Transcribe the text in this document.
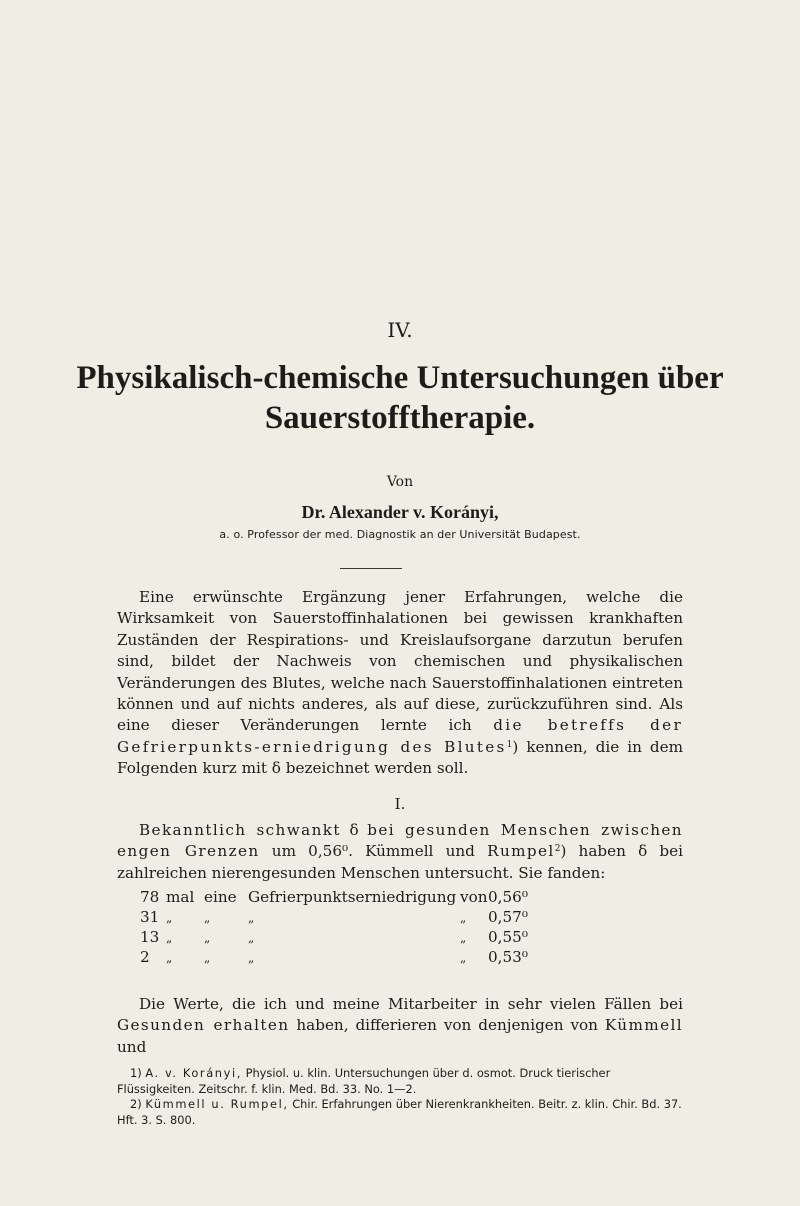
IV.
Physikalisch-chemische Untersuchungen über
Sauerstofftherapie.
Von
Dr. Alexander v. Korányi,
a. o. Professor der med. Diagnostik an der Universität Budapest.
Eine erwünschte Ergänzung jener Erfahrungen, welche die Wirksamkeit von Sauerstoffinhalationen bei gewissen krankhaften Zuständen der Respirations- und Kreislaufsorgane darzutun berufen sind, bildet der Nachweis von chemischen und physikalischen Veränderungen des Blutes, welche nach Sauerstoffinhalationen eintreten können und auf nichts anderes, als auf diese, zurückzuführen sind. Als eine dieser Veränderungen lernte ich die betreffs der Gefrierpunkts-erniedrigung des Blutes$^1$) kennen, die in dem Folgenden kurz mit δ bezeichnet werden soll.
I.
Bekanntlich schwankt δ bei gesunden Menschen zwischen engen Grenzen um 0,56⁰. Kümmell und Rumpel$^2$) haben δ bei zahlreichen nierengesunden Menschen untersucht. Sie fanden:
78 mal eine Gefrierpunktserniedrigung von0,56⁰
31 „	„	„	„ 0,57⁰
13 „	„	„	„ 0,55⁰
2 „	„	„	„ 0,53⁰
Die Werte, die ich und meine Mitarbeiter in sehr vielen Fällen bei Gesunden erhalten haben, differieren von denjenigen von Kümmell und
1) A. v. Korányi, Physiol. u. klin. Untersuchungen über d. osmot. Druck tierischer Flüssigkeiten. Zeitschr. f. klin. Med. Bd. 33. No. 1—2.
2) Kümmell u. Rumpel, Chir. Erfahrungen über Nierenkrankheiten. Beitr. z. klin. Chir. Bd. 37. Hft. 3. S. 800.
